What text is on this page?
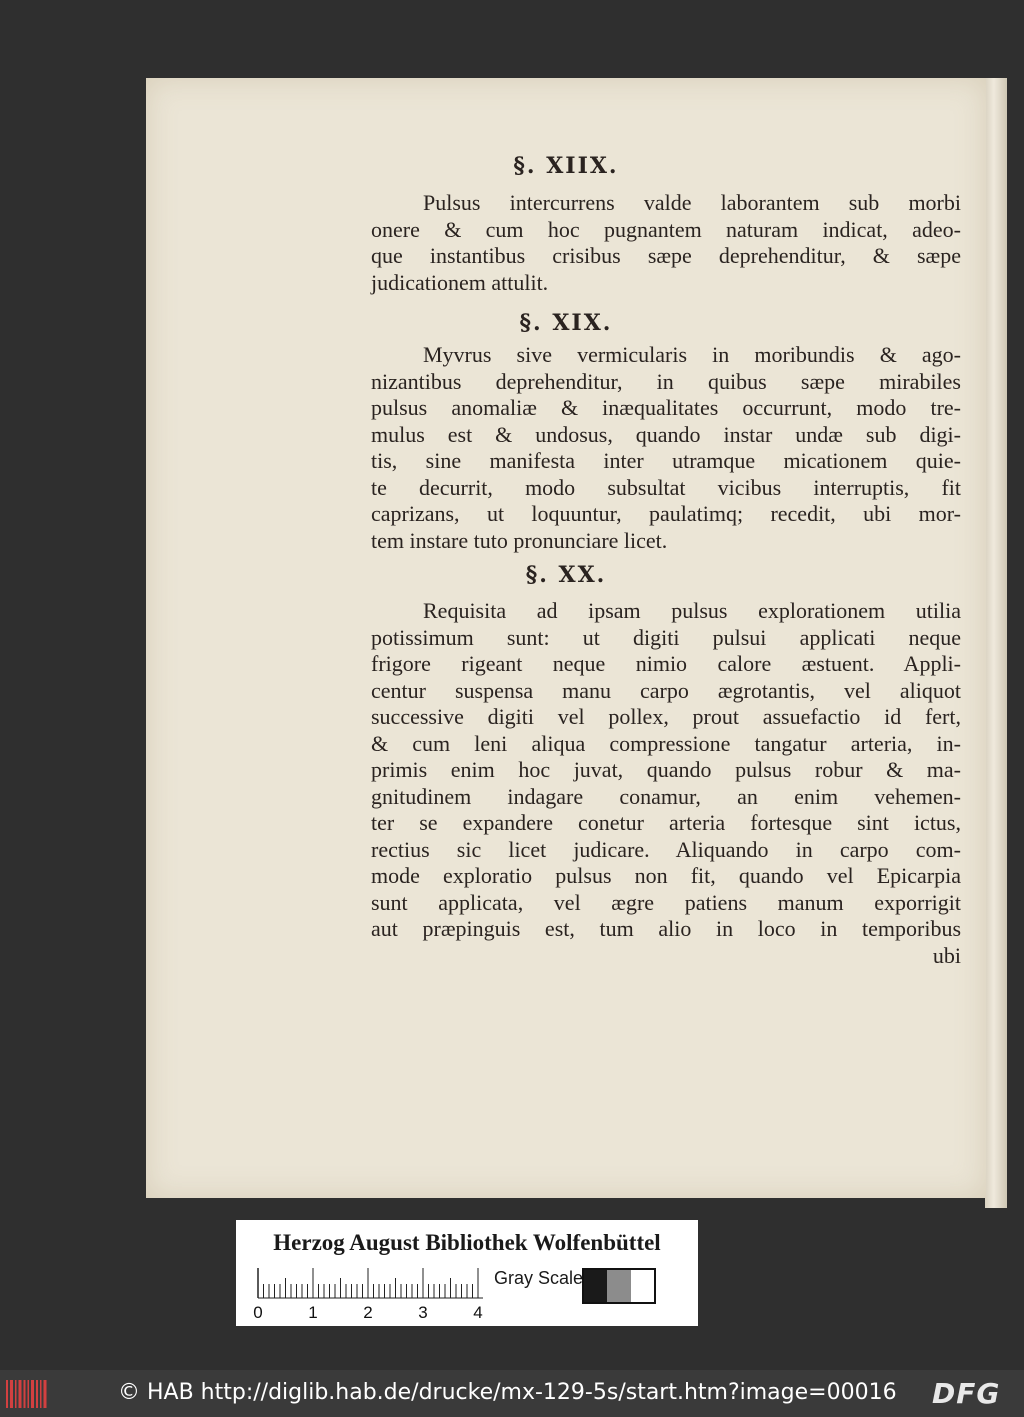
§. XIIX.
Pulsus intercurrens valde laborantem sub morbi
onere & cum hoc pugnantem naturam indicat, adeo-
que instantibus crisibus sæpe deprehenditur, & sæpe
judicationem attulit.
§. XIX.
Myvrus sive vermicularis in moribundis & ago-
nizantibus deprehenditur, in quibus sæpe mirabiles
pulsus anomaliæ & inæqualitates occurrunt, modo tre-
mulus est & undosus, quando instar undæ sub digi-
tis, sine manifesta inter utramque micationem quie-
te decurrit, modo subsultat vicibus interruptis, fit
caprizans, ut loquuntur, paulatimq; recedit, ubi mor-
tem instare tuto pronunciare licet.
§. XX.
Requisita ad ipsam pulsus explorationem utilia
potissimum sunt: ut digiti pulsui applicati neque
frigore rigeant neque nimio calore æstuent. Appli-
centur suspensa manu carpo ægrotantis, vel aliquot
successive digiti vel pollex, prout assuefactio id fert,
& cum leni aliqua compressione tangatur arteria, in-
primis enim hoc juvat, quando pulsus robur & ma-
gnitudinem indagare conamur, an enim vehemen-
ter se expandere conetur arteria fortesque sint ictus,
rectius sic licet judicare. Aliquando in carpo com-
mode exploratio pulsus non fit, quando vel Epicarpia
sunt applicata, vel ægre patiens manum exporrigit
aut præpinguis est, tum alio in loco in temporibus
ubi
Herzog August Bibliothek Wolfenbüttel
0	1	2	3	4
Gray Scale
© HAB http://diglib.hab.de/drucke/mx-129-5s/start.htm?image=00016 DFG
